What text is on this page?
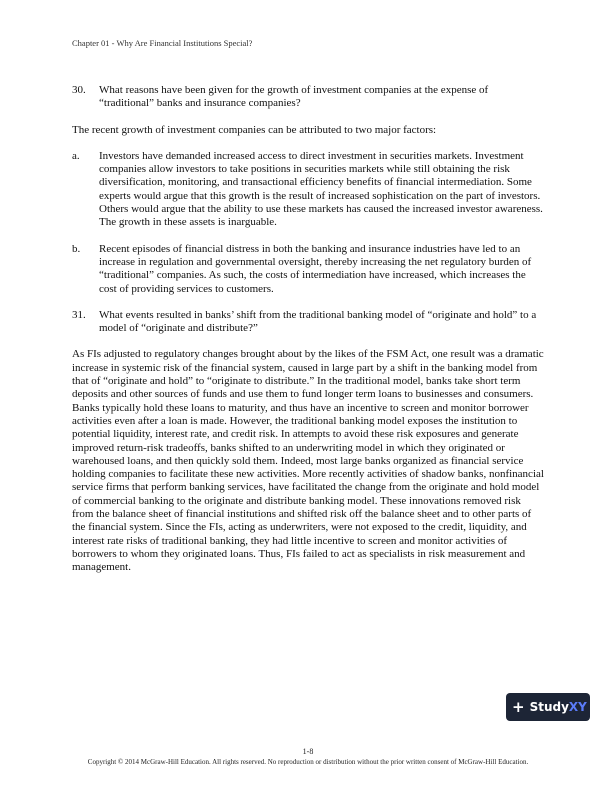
Chapter 01 - Why Are Financial Institutions Special?
30.	What reasons have been given for the growth of investment companies at the expense of “traditional” banks and insurance companies?

The recent growth of investment companies can be attributed to two major factors:

a.	Investors have demanded increased access to direct investment in securities markets. Investment companies allow investors to take positions in securities markets while still obtaining the risk diversification, monitoring, and transactional efficiency benefits of financial intermediation. Some experts would argue that this growth is the result of increased sophistication on the part of investors. Others would argue that the ability to use these markets has caused the increased investor awareness. The growth in these assets is inarguable.
b.	Recent episodes of financial distress in both the banking and insurance industries have led to an increase in regulation and governmental oversight, thereby increasing the net regulatory burden of “traditional” companies. As such, the costs of intermediation have increased, which increases the cost of providing services to customers.
31.	What events resulted in banks’ shift from the traditional banking model of “originate and hold” to a model of “originate and distribute?”

As FIs adjusted to regulatory changes brought about by the likes of the FSM Act, one result was a dramatic increase in systemic risk of the financial system, caused in large part by a shift in the banking model from that of “originate and hold” to “originate to distribute.” In the traditional model, banks take short term deposits and other sources of funds and use them to fund longer term loans to businesses and consumers. Banks typically hold these loans to maturity, and thus have an incentive to screen and monitor borrower activities even after a loan is made. However, the traditional banking model exposes the institution to potential liquidity, interest rate, and credit risk. In attempts to avoid these risk exposures and generate improved return-risk tradeoffs, banks shifted to an underwriting model in which they originated or warehoused loans, and then quickly sold them. Indeed, most large banks organized as financial service holding companies to facilitate these new activities. More recently activities of shadow banks, nonfinancial service firms that perform banking services, have facilitated the change from the originate and hold model of commercial banking to the originate and distribute banking model. These innovations removed risk from the balance sheet of financial institutions and shifted risk off the balance sheet and to other parts of the financial system. Since the FIs, acting as underwriters, were not exposed to the credit, liquidity, and interest rate risks of traditional banking, they had little incentive to screen and monitor activities of borrowers to whom they originated loans. Thus, FIs failed to act as specialists in risk measurement and management.

+ Study XY
1-8
Copyright © 2014 McGraw-Hill Education. All rights reserved. No reproduction or distribution without the prior written consent of McGraw-Hill Education.
